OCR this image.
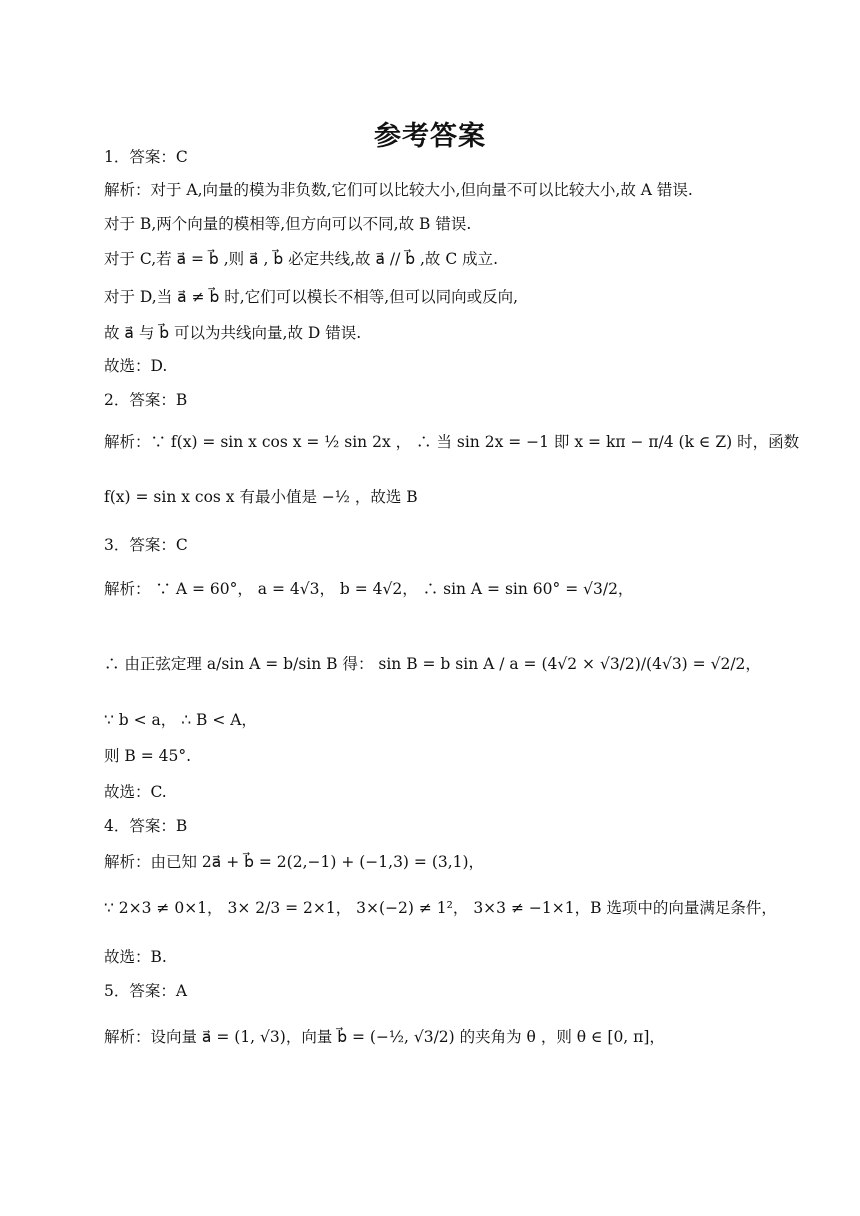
参考答案
1．答案：C
解析：对于 A,向量的模为非负数,它们可以比较大小,但向量不可以比较大小,故 A 错误.
对于 B,两个向量的模相等,但方向可以不同,故 B 错误.
对于 C,若 a⃗ = b⃗ ,则 a⃗ , b⃗ 必定共线,故 a⃗ // b⃗ ,故 C 成立.
对于 D,当 a⃗ ≠ b⃗ 时,它们可以模长不相等,但可以同向或反向,
故 a⃗ 与 b⃗ 可以为共线向量,故 D 错误.
故选：D.
2．答案：B
解析：∵ f(x) = sin x cos x = ½ sin 2x ， ∴ 当 sin 2x = −1 即 x = kπ − π/4 (k ∈ Z) 时，函数
f(x) = sin x cos x 有最小值是 −½ ，故选 B
3．答案：C
解析： ∵ A = 60°， a = 4√3， b = 4√2， ∴ sin A = sin 60° = √3/2，
∴ 由正弦定理 a/sin A = b/sin B 得： sin B = b sin A / a = (4√2 × √3/2)/(4√3) = √2/2，
∵ b < a， ∴ B < A，
则 B = 45°.
故选：C.
4．答案：B
解析：由已知 2a⃗ + b⃗ = 2(2,−1) + (−1,3) = (3,1)，
∵ 2×3 ≠ 0×1， 3× 2/3 = 2×1， 3×(−2) ≠ 1²， 3×3 ≠ −1×1，B 选项中的向量满足条件，
故选：B.
5．答案：A
解析：设向量 a⃗ = (1, √3)，向量 b⃗ = (−½, √3/2) 的夹角为 θ ，则 θ ∈ [0, π]，
